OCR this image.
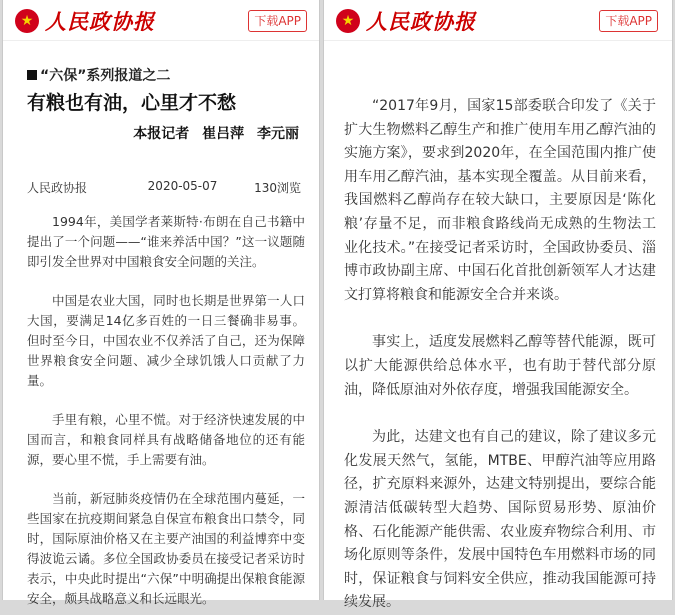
★
人民政协报	下载APP
“六保”系列报道之二
有粮也有油，心里才不愁
本报记者 崔吕萍 李元丽
人民政协报	2020-05-07	130浏览

1994年，美国学者莱斯特·布朗在自己书籍中提出了一个问题——“谁来养活中国？”这一议题随即引发全世界对中国粮食安全问题的关注。

中国是农业大国，同时也长期是世界第一人口大国，要满足14亿多百姓的一日三餐确非易事。但时至今日，中国农业不仅养活了自己，还为保障世界粮食安全问题、减少全球饥饿人口贡献了力量。

手里有粮，心里不慌。对于经济快速发展的中国而言，和粮食同样具有战略储备地位的还有能源，要心里不慌，手上需要有油。

当前，新冠肺炎疫情仍在全球范围内蔓延，一些国家在抗疫期间紧急自保宣布粮食出口禁令，同时，国际原油价格又在主要产油国的利益博弈中变得波诡云谲。多位全国政协委员在接受记者采访时表示，中央此时提出“六保”中明确提出保粮食能源安全，颇具战略意义和长远眼光。

★
人民政协报	下载APP

“2017年9月，国家15部委联合印发了《关于扩大生物燃料乙醇生产和推广使用车用乙醇汽油的实施方案》，要求到2020年，在全国范围内推广使用车用乙醇汽油，基本实现全覆盖。从目前来看，我国燃料乙醇尚存在较大缺口，主要原因是‘陈化粮’存量不足，而非粮食路线尚无成熟的生物法工业化技术。”在接受记者采访时，全国政协委员、淄博市政协副主席、中国石化首批创新领军人才达建文打算将粮食和能源安全合并来谈。

事实上，适度发展燃料乙醇等替代能源，既可以扩大能源供给总体水平，也有助于替代部分原油，降低原油对外依存度，增强我国能源安全。

为此，达建文也有自己的建议，除了建议多元化发展天然气，氢能，MTBE、甲醇汽油等应用路径，扩充原料来源外，达建文特别提出，要综合能源清洁低碳转型大趋势、国际贸易形势、原油价格、石化能源产能供需、农业废弃物综合利用、市场化原则等条件，发展中国特色车用燃料市场的同时，保证粮食与饲料安全供应，推动我国能源可持续发展。
